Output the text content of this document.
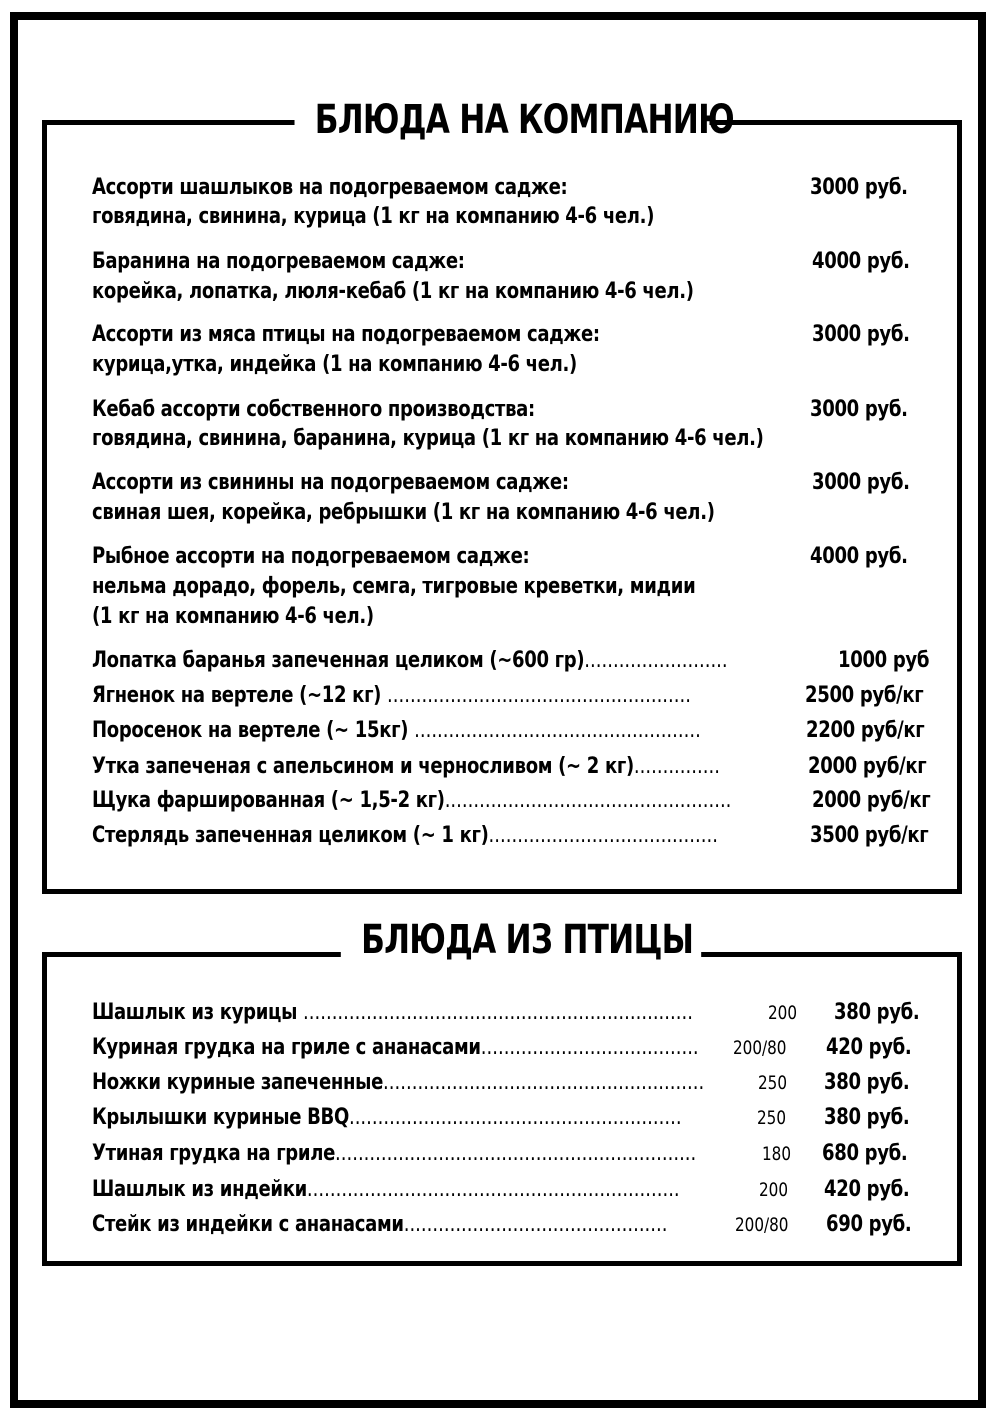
БЛЮДА НА КОМПАНИЮ
Ассорти шашлыков на подогреваемом садже:
говядина, свинина, курица (1 кг на компанию 4-6 чел.)
3000 руб.
Баранина на подогреваемом садже:
корейка, лопатка, люля-кебаб (1 кг на компанию 4-6 чел.)
4000 руб.
Ассорти из мяса птицы на подогреваемом садже:
курица,утка, индейка (1 на компанию 4-6 чел.)
3000 руб.
Кебаб ассорти собственного производства:
говядина, свинина, баранина, курица (1 кг на компанию 4-6 чел.)
3000 руб.
Ассорти из свинины на подогреваемом садже:
свиная шея, корейка, ребрышки (1 кг на компанию 4-6 чел.)
3000 руб.
Рыбное ассорти на подогреваемом садже:
нельма дорадо, форель, семга, тигровые креветки, мидии
(1 кг на компанию 4-6 чел.)
4000 руб.
Лопатка баранья запеченная целиком (~600 гр).........................	1000 руб
Ягненок на вертеле (~12 кг) .....................................................	2500 руб/кг
Поросенок на вертеле (~ 15кг) ..................................................	2200 руб/кг
Утка запеченая с апельсином и черносливом (~ 2 кг)...............	2000 руб/кг
Щука фаршированная (~ 1,5-2 кг)..................................................	2000 руб/кг
Стерлядь запеченная целиком (~ 1 кг)........................................	3500 руб/кг
БЛЮДА ИЗ ПТИЦЫ
Шашлык из курицы ....................................................................	200 380 руб.
Куриная грудка на гриле с ананасами...................................... 200/80 420 руб.
Ножки куриные запеченные........................................................	250 380 руб.
Крылышки куриные BBQ..........................................................	250 380 руб.
Утиная грудка на гриле...............................................................	180 680 руб.
Шашлык из индейки.................................................................	200 420 руб.
Стейк из индейки с ананасами..............................................	200/80 690 руб.
